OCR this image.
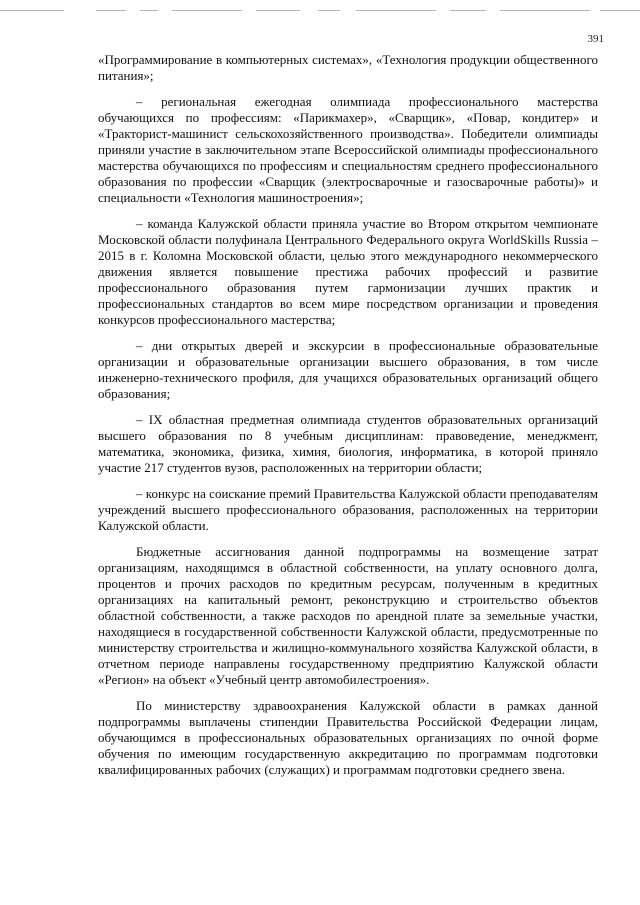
391

«Программирование в компьютерных системах», «Технология продукции общественного питания»;

– региональная ежегодная олимпиада профессионального мастерства обучающихся по профессиям: «Парикмахер», «Сварщик», «Повар, кондитер» и «Тракторист-машинист сельскохозяйственного производства». Победители олимпиады приняли участие в заключительном этапе Всероссийской олимпиады профессионального мастерства обучающихся по профессиям и специальностям среднего профессионального образования по профессии «Сварщик (электросварочные и газосварочные работы)» и специальности «Технология машиностроения»;

– команда Калужской области приняла участие во Втором открытом чемпионате Московской области полуфинала Центрального Федерального округа WorldSkills Russia – 2015 в г. Коломна Московской области, целью этого международного некоммерческого движения является повышение престижа рабочих профессий и развитие профессионального образования путем гармонизации лучших практик и профессиональных стандартов во всем мире посредством организации и проведения конкурсов профессионального мастерства;

– дни открытых дверей и экскурсии в профессиональные образовательные организации и образовательные организации высшего образования, в том числе инженерно-технического профиля, для учащихся образовательных организаций общего образования;

– IX областная предметная олимпиада студентов образовательных организаций высшего образования по 8 учебным дисциплинам: правоведение, менеджмент, математика, экономика, физика, химия, биология, информатика, в которой приняло участие 217 студентов вузов, расположенных на территории области;

– конкурс на соискание премий Правительства Калужской области преподавателям учреждений высшего профессионального образования, расположенных на территории Калужской области.

Бюджетные ассигнования данной подпрограммы на возмещение затрат организациям, находящимся в областной собственности, на уплату основного долга, процентов и прочих расходов по кредитным ресурсам, полученным в кредитных организациях на капитальный ремонт, реконструкцию и строительство объектов областной собственности, а также расходов по арендной плате за земельные участки, находящиеся в государственной собственности Калужской области, предусмотренные по министерству строительства и жилищно-коммунального хозяйства Калужской области, в отчетном периоде направлены государственному предприятию Калужской области «Регион» на объект «Учебный центр автомобилестроения».

По министерству здравоохранения Калужской области в рамках данной подпрограммы выплачены стипендии Правительства Российской Федерации лицам, обучающимся в профессиональных образовательных организациях по очной форме обучения по имеющим государственную аккредитацию по программам подготовки квалифицированных рабочих (служащих) и программам подготовки среднего звена.
